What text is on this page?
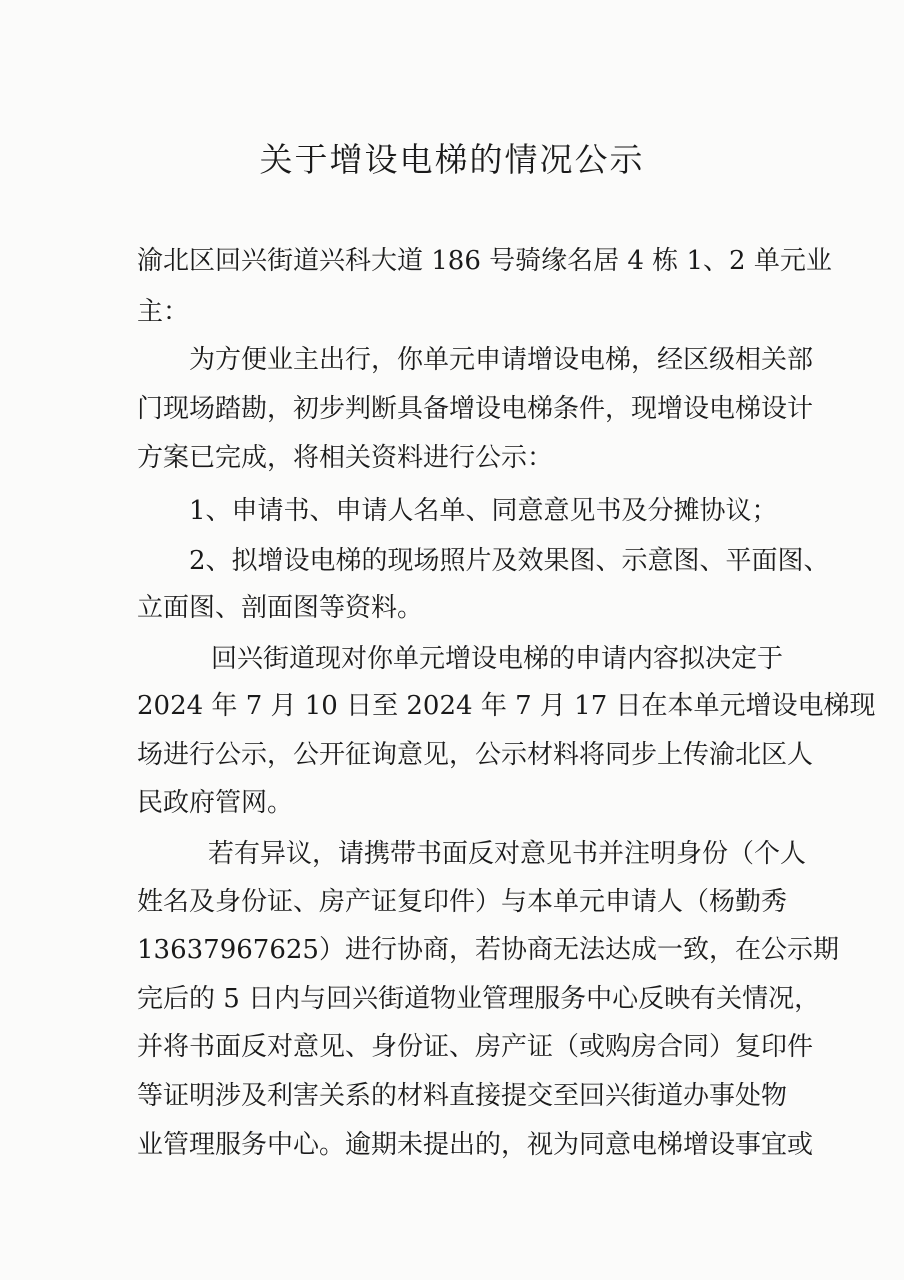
关于增设电梯的情况公示

渝北区回兴街道兴科大道 186 号骑缘名居 4 栋 1、2 单元业

主：

为方便业主出行，你单元申请增设电梯，经区级相关部

门现场踏勘，初步判断具备增设电梯条件，现增设电梯设计

方案已完成，将相关资料进行公示：

1、申请书、申请人名单、同意意见书及分摊协议；

2、拟增设电梯的现场照片及效果图、示意图、平面图、

立面图、剖面图等资料。

回兴街道现对你单元增设电梯的申请内容拟决定于

2024 年 7 月 10 日至 2024 年 7 月 17 日在本单元增设电梯现

场进行公示，公开征询意见，公示材料将同步上传渝北区人

民政府管网。

若有异议，请携带书面反对意见书并注明身份（个人

姓名及身份证、房产证复印件）与本单元申请人（杨勤秀

13637967625）进行协商，若协商无法达成一致，在公示期

完后的 5 日内与回兴街道物业管理服务中心反映有关情况，

并将书面反对意见、身份证、房产证（或购房合同）复印件

等证明涉及利害关系的材料直接提交至回兴街道办事处物

业管理服务中心。逾期未提出的，视为同意电梯增设事宜或
